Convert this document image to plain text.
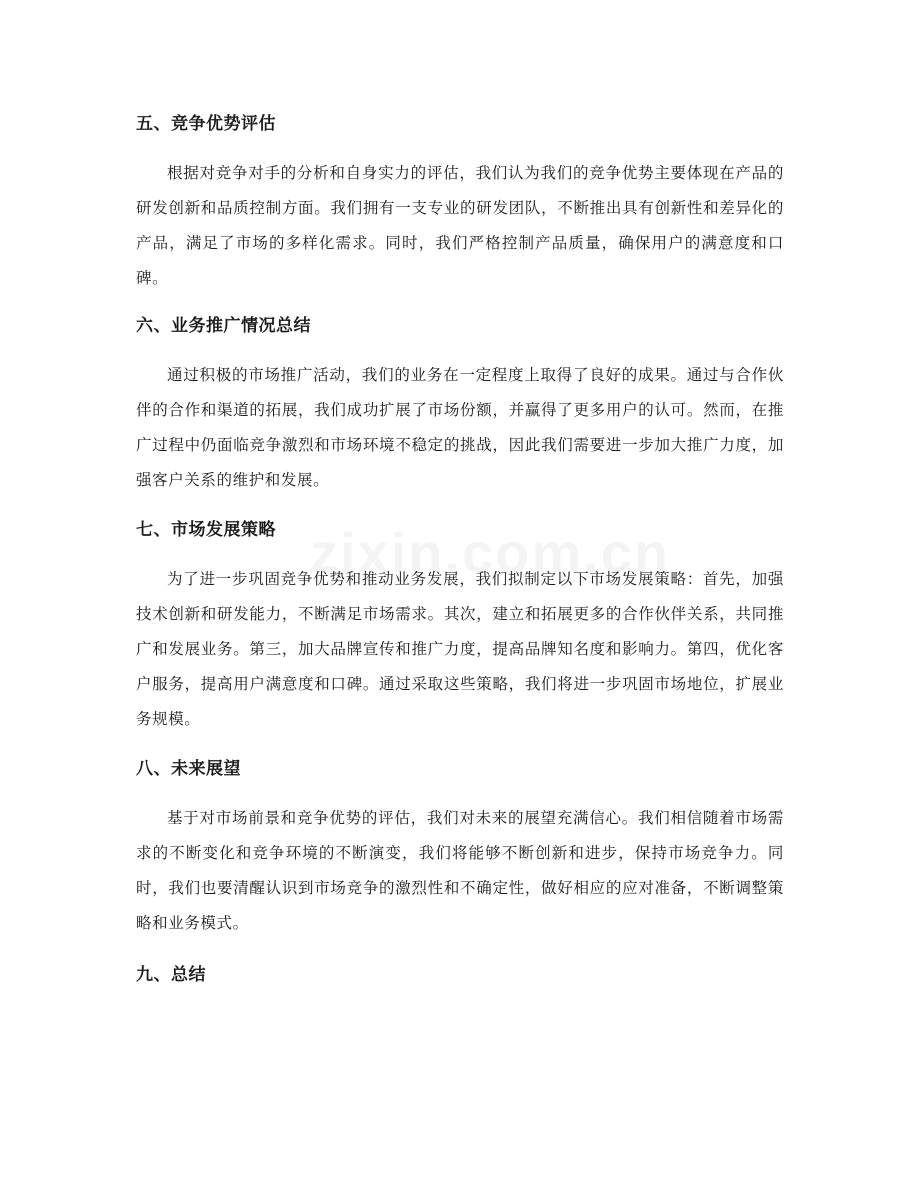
五、竞争优势评估

根据对竞争对手的分析和自身实力的评估，我们认为我们的竞争优势主要体现在产品的研发创新和品质控制方面。我们拥有一支专业的研发团队，不断推出具有创新性和差异化的产品，满足了市场的多样化需求。同时，我们严格控制产品质量，确保用户的满意度和口碑。

六、业务推广情况总结

通过积极的市场推广活动，我们的业务在一定程度上取得了良好的成果。通过与合作伙伴的合作和渠道的拓展，我们成功扩展了市场份额，并赢得了更多用户的认可。然而，在推广过程中仍面临竞争激烈和市场环境不稳定的挑战，因此我们需要进一步加大推广力度，加强客户关系的维护和发展。

七、市场发展策略

为了进一步巩固竞争优势和推动业务发展，我们拟制定以下市场发展策略：首先，加强技术创新和研发能力，不断满足市场需求。其次，建立和拓展更多的合作伙伴关系，共同推广和发展业务。第三，加大品牌宣传和推广力度，提高品牌知名度和影响力。第四，优化客户服务，提高用户满意度和口碑。通过采取这些策略，我们将进一步巩固市场地位，扩展业务规模。

八、未来展望

基于对市场前景和竞争优势的评估，我们对未来的展望充满信心。我们相信随着市场需求的不断变化和竞争环境的不断演变，我们将能够不断创新和进步，保持市场竞争力。同时，我们也要清醒认识到市场竞争的激烈性和不确定性，做好相应的应对准备，不断调整策略和业务模式。

九、总结
